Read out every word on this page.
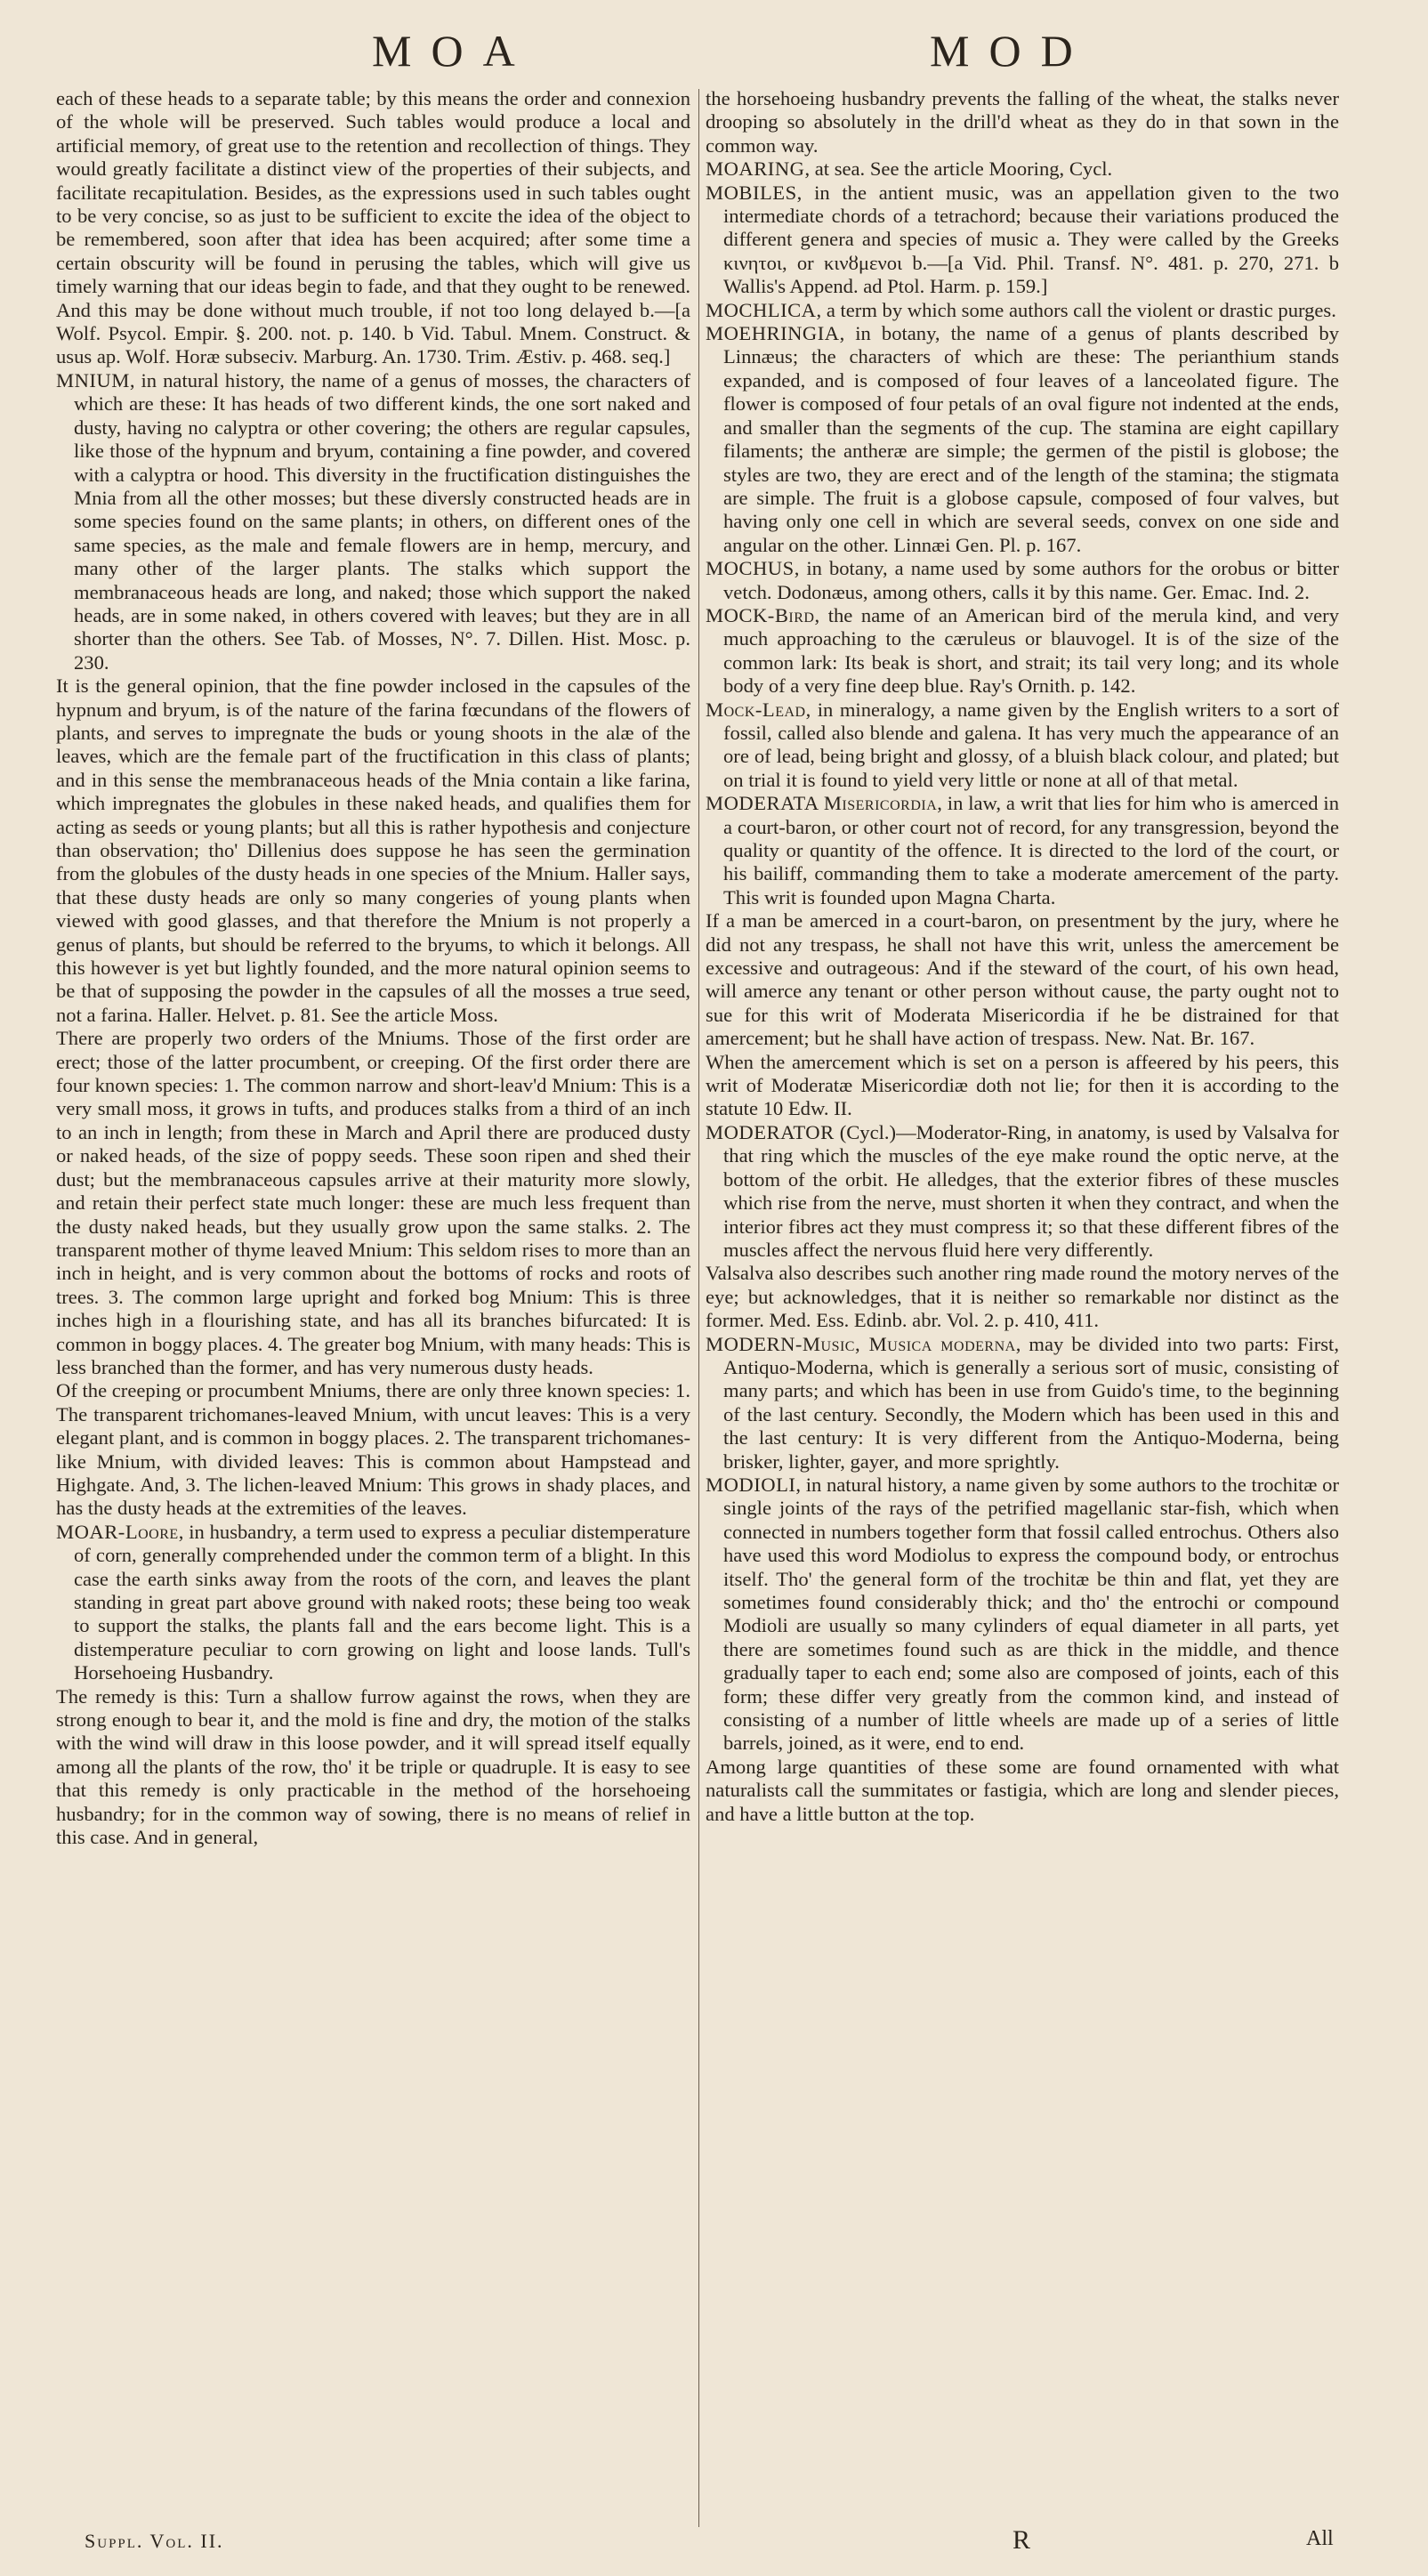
MOA	MOD

each of these heads to a separate table; by this means the order and connexion of the whole will be preserved. Such tables would produce a local and artificial memory, of great use to the retention and recollection of things. They would greatly facilitate a distinct view of the properties of their subjects, and facilitate recapitulation. Besides, as the expressions used in such tables ought to be very concise, so as just to be sufficient to excite the idea of the object to be remembered, soon after that idea has been acquired; after some time a certain obscurity will be found in perusing the tables, which will give us timely warning that our ideas begin to fade, and that they ought to be renewed. And this may be done without much trouble, if not too long delayed b.—[a Wolf. Psycol. Empir. §. 200. not. p. 140. b Vid. Tabul. Mnem. Construct. & usus ap. Wolf. Horæ subseciv. Marburg. An. 1730. Trim. Æstiv. p. 468. seq.]

MNIUM, in natural history, the name of a genus of mosses, the characters of which are these: It has heads of two different kinds, the one sort naked and dusty, having no calyptra or other covering; the others are regular capsules, like those of the hypnum and bryum, containing a fine powder, and covered with a calyptra or hood. This diversity in the fructification distinguishes the Mnia from all the other mosses; but these diversly constructed heads are in some species found on the same plants; in others, on different ones of the same species, as the male and female flowers are in hemp, mercury, and many other of the larger plants. The stalks which support the membranaceous heads are long, and naked; those which support the naked heads, are in some naked, in others covered with leaves; but they are in all shorter than the others. See Tab. of Mosses, N°. 7. Dillen. Hist. Mosc. p. 230.

It is the general opinion, that the fine powder inclosed in the capsules of the hypnum and bryum, is of the nature of the farina fœcundans of the flowers of plants, and serves to impregnate the buds or young shoots in the alæ of the leaves, which are the female part of the fructification in this class of plants; and in this sense the membranaceous heads of the Mnia contain a like farina, which impregnates the globules in these naked heads, and qualifies them for acting as seeds or young plants; but all this is rather hypothesis and conjecture than observation; tho' Dillenius does suppose he has seen the germination from the globules of the dusty heads in one species of the Mnium. Haller says, that these dusty heads are only so many congeries of young plants when viewed with good glasses, and that therefore the Mnium is not properly a genus of plants, but should be referred to the bryums, to which it belongs. All this however is yet but lightly founded, and the more natural opinion seems to be that of supposing the powder in the capsules of all the mosses a true seed, not a farina. Haller. Helvet. p. 81. See the article Moss.

There are properly two orders of the Mniums. Those of the first order are erect; those of the latter procumbent, or creeping. Of the first order there are four known species: 1. The common narrow and short-leav'd Mnium: This is a very small moss, it grows in tufts, and produces stalks from a third of an inch to an inch in length; from these in March and April there are produced dusty or naked heads, of the size of poppy seeds. These soon ripen and shed their dust; but the membranaceous capsules arrive at their maturity more slowly, and retain their perfect state much longer: these are much less frequent than the dusty naked heads, but they usually grow upon the same stalks. 2. The transparent mother of thyme leaved Mnium: This seldom rises to more than an inch in height, and is very common about the bottoms of rocks and roots of trees. 3. The common large upright and forked bog Mnium: This is three inches high in a flourishing state, and has all its branches bifurcated: It is common in boggy places. 4. The greater bog Mnium, with many heads: This is less branched than the former, and has very numerous dusty heads.

Of the creeping or procumbent Mniums, there are only three known species: 1. The transparent trichomanes-leaved Mnium, with uncut leaves: This is a very elegant plant, and is common in boggy places. 2. The transparent trichomanes-like Mnium, with divided leaves: This is common about Hampstead and Highgate. And, 3. The lichen-leaved Mnium: This grows in shady places, and has the dusty heads at the extremities of the leaves.

MOAR-Loore, in husbandry, a term used to express a peculiar distemperature of corn, generally comprehended under the common term of a blight. In this case the earth sinks away from the roots of the corn, and leaves the plant standing in great part above ground with naked roots; these being too weak to support the stalks, the plants fall and the ears become light. This is a distemperature peculiar to corn growing on light and loose lands. Tull's Horsehoeing Husbandry.

The remedy is this: Turn a shallow furrow against the rows, when they are strong enough to bear it, and the mold is fine and dry, the motion of the stalks with the wind will draw in this loose powder, and it will spread itself equally among all the plants of the row, tho' it be triple or quadruple. It is easy to see that this remedy is only practicable in the method of the horsehoeing husbandry; for in the common way of sowing, there is no means of relief in this case. And in general,

the horsehoeing husbandry prevents the falling of the wheat, the stalks never drooping so absolutely in the drill'd wheat as they do in that sown in the common way.

MOARING, at sea. See the article Mooring, Cycl.

MOBILES, in the antient music, was an appellation given to the two intermediate chords of a tetrachord; because their variations produced the different genera and species of music a. They were called by the Greeks κινητοι, or κινȣμενοι b.—[a Vid. Phil. Transf. N°. 481. p. 270, 271. b Wallis's Append. ad Ptol. Harm. p. 159.]

MOCHLICA, a term by which some authors call the violent or drastic purges.

MOEHRINGIA, in botany, the name of a genus of plants described by Linnæus; the characters of which are these: The perianthium stands expanded, and is composed of four leaves of a lanceolated figure. The flower is composed of four petals of an oval figure not indented at the ends, and smaller than the segments of the cup. The stamina are eight capillary filaments; the antheræ are simple; the germen of the pistil is globose; the styles are two, they are erect and of the length of the stamina; the stigmata are simple. The fruit is a globose capsule, composed of four valves, but having only one cell in which are several seeds, convex on one side and angular on the other. Linnæi Gen. Pl. p. 167.

MOCHUS, in botany, a name used by some authors for the orobus or bitter vetch. Dodonæus, among others, calls it by this name. Ger. Emac. Ind. 2.

MOCK-Bird, the name of an American bird of the merula kind, and very much approaching to the cæruleus or blauvogel. It is of the size of the common lark: Its beak is short, and strait; its tail very long; and its whole body of a very fine deep blue. Ray's Ornith. p. 142.

Mock-Lead, in mineralogy, a name given by the English writers to a sort of fossil, called also blende and galena. It has very much the appearance of an ore of lead, being bright and glossy, of a bluish black colour, and plated; but on trial it is found to yield very little or none at all of that metal.

MODERATA Misericordia, in law, a writ that lies for him who is amerced in a court-baron, or other court not of record, for any transgression, beyond the quality or quantity of the offence. It is directed to the lord of the court, or his bailiff, commanding them to take a moderate amercement of the party. This writ is founded upon Magna Charta.

If a man be amerced in a court-baron, on presentment by the jury, where he did not any trespass, he shall not have this writ, unless the amercement be excessive and outrageous: And if the steward of the court, of his own head, will amerce any tenant or other person without cause, the party ought not to sue for this writ of Moderata Misericordia if he be distrained for that amercement; but he shall have action of trespass. New. Nat. Br. 167.

When the amercement which is set on a person is affeered by his peers, this writ of Moderatæ Misericordiæ doth not lie; for then it is according to the statute 10 Edw. II.

MODERATOR (Cycl.)—Moderator-Ring, in anatomy, is used by Valsalva for that ring which the muscles of the eye make round the optic nerve, at the bottom of the orbit. He alledges, that the exterior fibres of these muscles which rise from the nerve, must shorten it when they contract, and when the interior fibres act they must compress it; so that these different fibres of the muscles affect the nervous fluid here very differently.

Valsalva also describes such another ring made round the motory nerves of the eye; but acknowledges, that it is neither so remarkable nor distinct as the former. Med. Ess. Edinb. abr. Vol. 2. p. 410, 411.

MODERN-Music, Musica moderna, may be divided into two parts: First, Antiquo-Moderna, which is generally a serious sort of music, consisting of many parts; and which has been in use from Guido's time, to the beginning of the last century. Secondly, the Modern which has been used in this and the last century: It is very different from the Antiquo-Moderna, being brisker, lighter, gayer, and more sprightly.

MODIOLI, in natural history, a name given by some authors to the trochitæ or single joints of the rays of the petrified magellanic star-fish, which when connected in numbers together form that fossil called entrochus. Others also have used this word Modiolus to express the compound body, or entrochus itself. Tho' the general form of the trochitæ be thin and flat, yet they are sometimes found considerably thick; and tho' the entrochi or compound Modioli are usually so many cylinders of equal diameter in all parts, yet there are sometimes found such as are thick in the middle, and thence gradually taper to each end; some also are composed of joints, each of this form; these differ very greatly from the common kind, and instead of consisting of a number of little wheels are made up of a series of little barrels, joined, as it were, end to end.

Among large quantities of these some are found ornamented with what naturalists call the summitates or fastigia, which are long and slender pieces, and have a little button at the top.

Suppl. Vol. II.	R	All
